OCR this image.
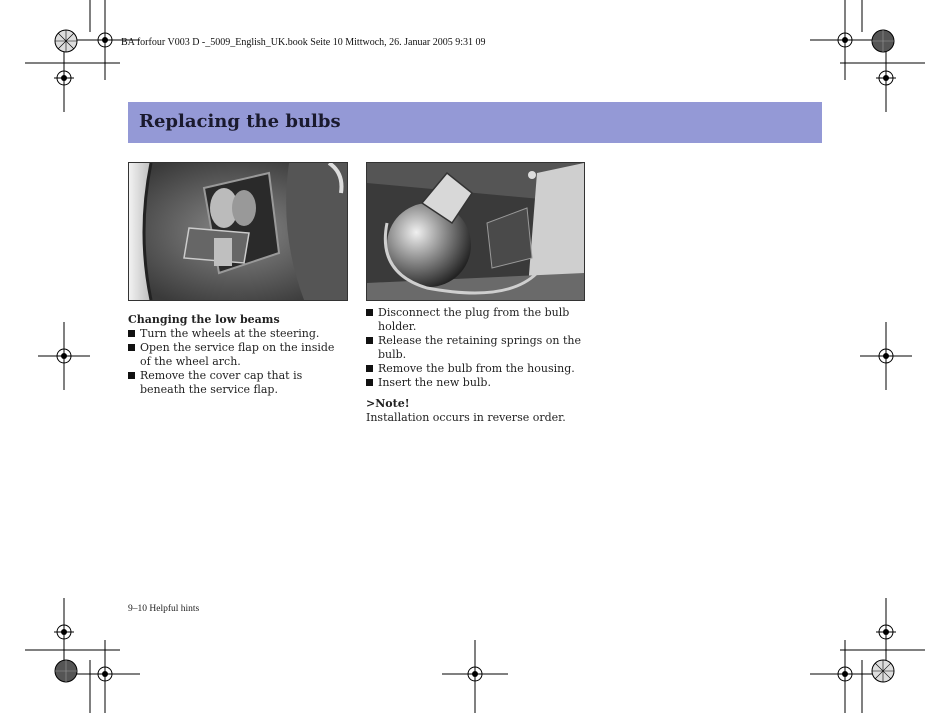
BA forfour V003 D -_5009_English_UK.book Seite 10 Mittwoch, 26. Januar 2005 9:31 09
Replacing the bulbs
Changing the low beams
Turn the wheels at the steering.
Open the service flap on the inside of the wheel arch.
Remove the cover cap that is beneath the service flap.
Disconnect the plug from the bulb holder.
Release the retaining springs on the bulb.
Remove the bulb from the housing.
Insert the new bulb.
>Note!
Installation occurs in reverse order.
9–10 Helpful hints
